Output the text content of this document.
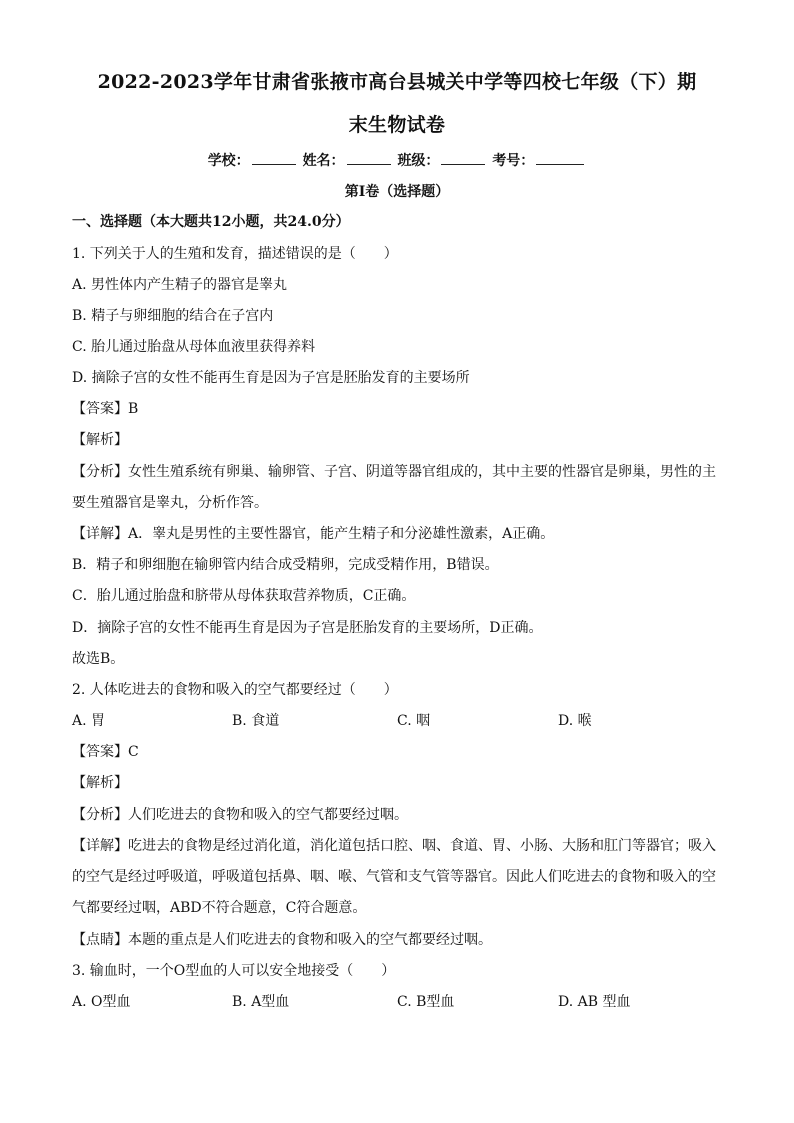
2022-2023学年甘肃省张掖市高台县城关中学等四校七年级（下）期
末生物试卷
学校：	姓名：	班级：	考号：
第I卷（选择题）
一、选择题（本大题共12小题，共24.0分）
1. 下列关于人的生殖和发育，描述错误的是（　　）
A. 男性体内产生精子的器官是睾丸
B. 精子与卵细胞的结合在子宫内
C. 胎儿通过胎盘从母体血液里获得养料
D. 摘除子宫的女性不能再生育是因为子宫是胚胎发育的主要场所
【答案】B
【解析】
【分析】女性生殖系统有卵巢、输卵管、子宫、阴道等器官组成的，其中主要的性器官是卵巢，男性的主
要生殖器官是睾丸，分析作答。
【详解】A．睾丸是男性的主要性器官，能产生精子和分泌雄性激素，A正确。
B．精子和卵细胞在输卵管内结合成受精卵，完成受精作用，B错误。
C．胎儿通过胎盘和脐带从母体获取营养物质，C正确。
D．摘除子宫的女性不能再生育是因为子宫是胚胎发育的主要场所，D正确。
故选B。
2. 人体吃进去的食物和吸入的空气都要经过（　　）
A. 胃	B. 食道	C. 咽	D. 喉
【答案】C
【解析】
【分析】人们吃进去的食物和吸入的空气都要经过咽。
【详解】吃进去的食物是经过消化道，消化道包括口腔、咽、食道、胃、小肠、大肠和肛门等器官；吸入
的空气是经过呼吸道，呼吸道包括鼻、咽、喉、气管和支气管等器官。因此人们吃进去的食物和吸入的空
气都要经过咽，ABD不符合题意，C符合题意。
【点睛】本题的重点是人们吃进去的食物和吸入的空气都要经过咽。
3. 输血时，一个O型血的人可以安全地接受（　　）
A. O型血	B. A型血	C. B型血	D. AB 型血
